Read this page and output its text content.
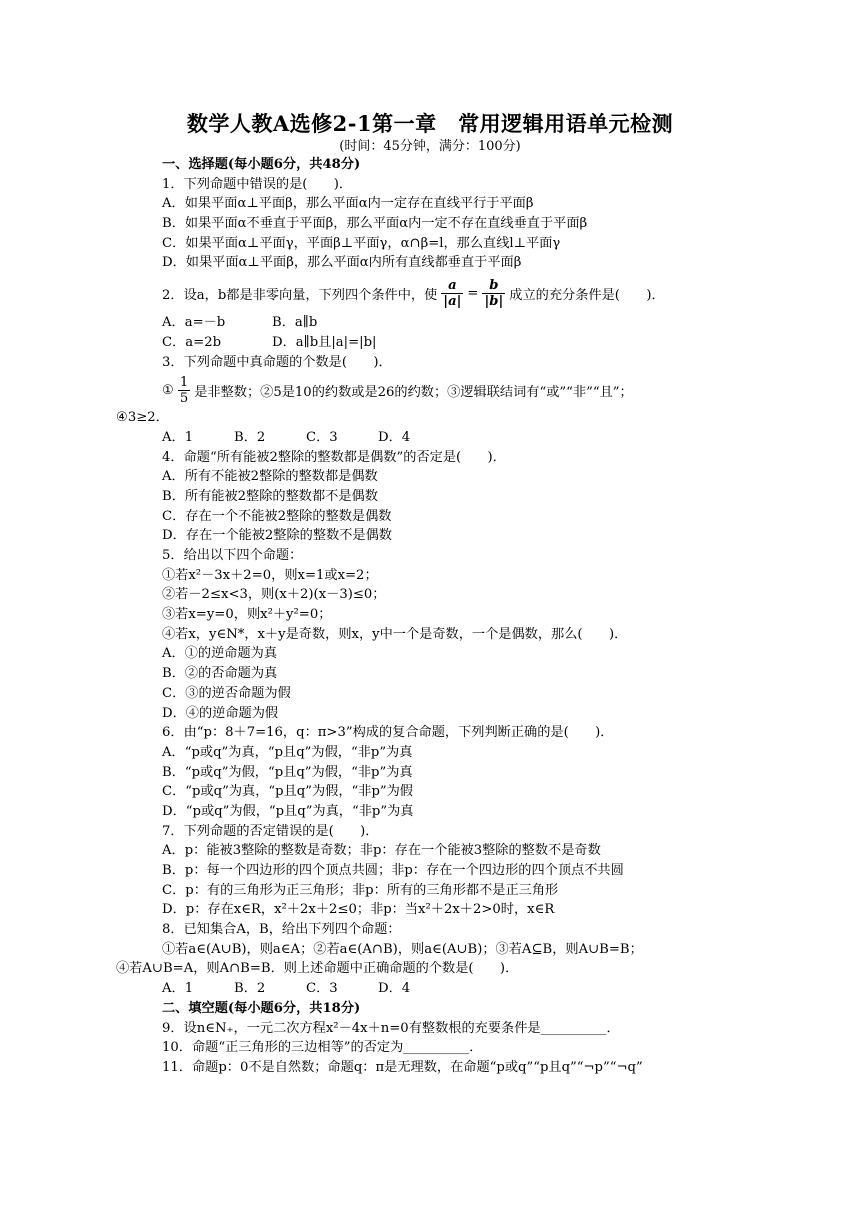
数学人教A选修2-1第一章　常用逻辑用语单元检测
(时间：45分钟，满分：100分)
一、选择题(每小题6分，共48分)
1．下列命题中错误的是(　　)．
A．如果平面α⊥平面β，那么平面α内一定存在直线平行于平面β
B．如果平面α不垂直于平面β，那么平面α内一定不存在直线垂直于平面β
C．如果平面α⊥平面γ，平面β⊥平面γ，α∩β=l，那么直线l⊥平面γ
D．如果平面α⊥平面β，那么平面α内所有直线都垂直于平面β
2．设a，b都是非零向量，下列四个条件中，使 $\frac{a}{|a|} = \frac{b}{|b|}$ 成立的充分条件是(　　)．
A．a=－b	B．a∥b
C．a=2b	D．a∥b且|a|=|b|
3．下列命题中真命题的个数是(　　)．
① $\frac{1}{5}$ 是非整数；②5是10的约数或是26的约数；③逻辑联结词有“或”“非”“且”；
④3≥2．
A．1	B．2	C．3	D．4
4．命题“所有能被2整除的整数都是偶数”的否定是(　　)．
A．所有不能被2整除的整数都是偶数
B．所有能被2整除的整数都不是偶数
C．存在一个不能被2整除的整数是偶数
D．存在一个能被2整除的整数不是偶数
5．给出以下四个命题：
①若x²－3x＋2=0，则x=1或x=2；
②若－2≤x<3，则(x＋2)(x－3)≤0；
③若x=y=0，则x²＋y²=0；
④若x，y∈N*，x＋y是奇数，则x，y中一个是奇数，一个是偶数，那么(　　)．
A．①的逆命题为真
B．②的否命题为真
C．③的逆否命题为假
D．④的逆命题为假
6．由“p：8＋7=16，q：π>3”构成的复合命题，下列判断正确的是(　　)．
A．“p或q”为真，“p且q”为假，“非p”为真
B．“p或q”为假，“p且q”为假，“非p”为真
C．“p或q”为真，“p且q”为假，“非p”为假
D．“p或q”为假，“p且q”为真，“非p”为真
7．下列命题的否定错误的是(　　)．
A．p：能被3整除的整数是奇数；非p：存在一个能被3整除的整数不是奇数
B．p：每一个四边形的四个顶点共圆；非p：存在一个四边形的四个顶点不共圆
C．p：有的三角形为正三角形；非p：所有的三角形都不是正三角形
D．p：存在x∈R，x²＋2x＋2≤0；非p：当x²＋2x＋2>0时，x∈R
8．已知集合A，B，给出下列四个命题：
①若a∈(A∪B)，则a∈A；②若a∈(A∩B)，则a∈(A∪B)；③若A⊆B，则A∪B=B；
④若A∪B=A，则A∩B=B．则上述命题中正确命题的个数是(　　)．
A．1	B．2	C．3	D．4
二、填空题(每小题6分，共18分)
9．设n∈N₊，一元二次方程x²－4x＋n=0有整数根的充要条件是__________．
10．命题“正三角形的三边相等”的否定为__________．
11．命题p：0不是自然数；命题q：π是无理数，在命题“p或q”“p且q”“¬p”“¬q”
